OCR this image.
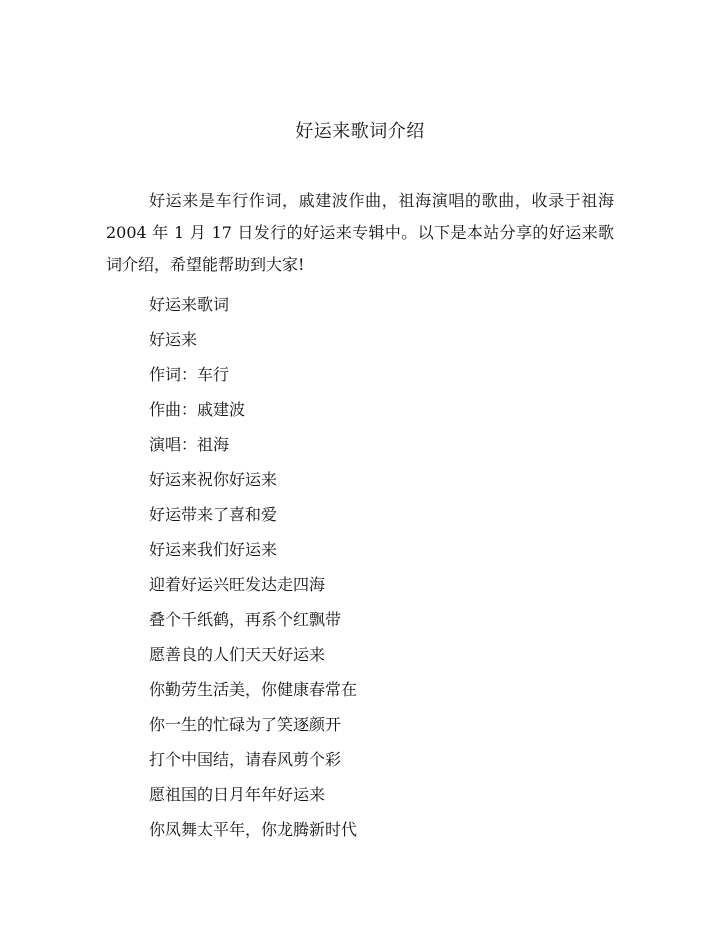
好运来歌词介绍

好运来是车行作词，戚建波作曲，祖海演唱的歌曲，收录于祖海 2004 年 1 月 17 日发行的好运来专辑中。以下是本站分享的好运来歌词介绍，希望能帮助到大家!

好运来歌词
好运来
作词：车行
作曲：戚建波
演唱：祖海
好运来祝你好运来
好运带来了喜和爱
好运来我们好运来
迎着好运兴旺发达走四海
叠个千纸鹤，再系个红飘带
愿善良的人们天天好运来
你勤劳生活美，你健康春常在
你一生的忙碌为了笑逐颜开
打个中国结，请春风剪个彩
愿祖国的日月年年好运来
你凤舞太平年，你龙腾新时代
